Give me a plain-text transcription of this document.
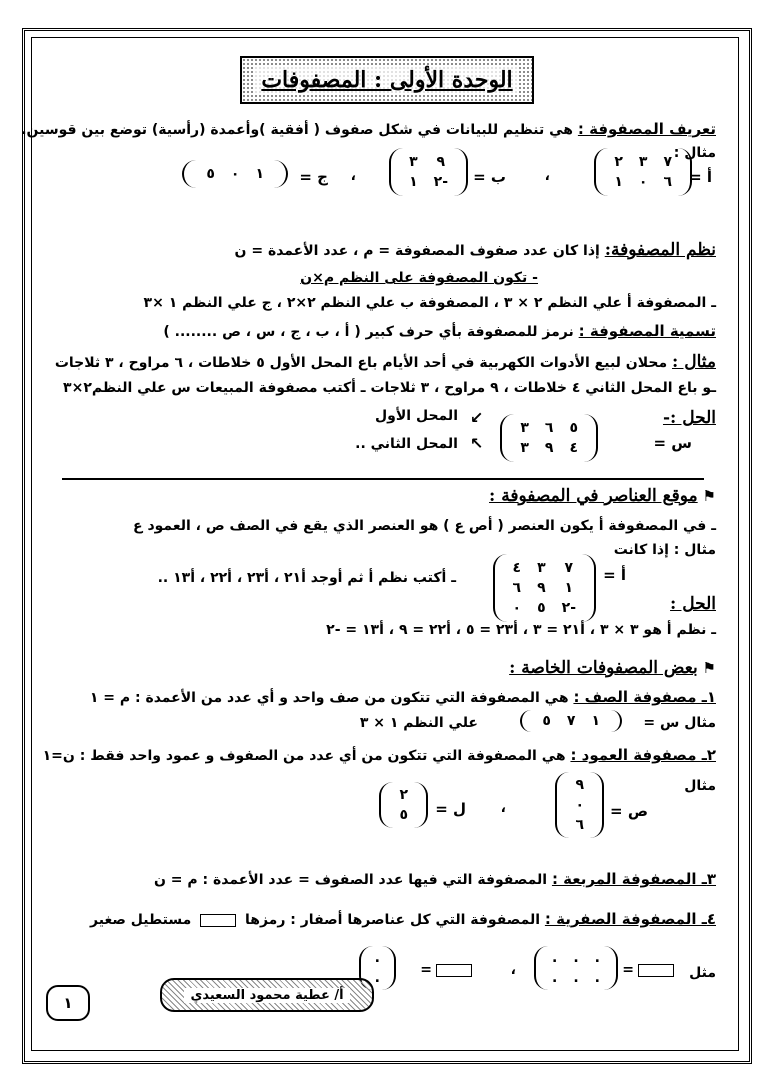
الوحدة الأولى : المصفوفات
تعريف المصفوفة : هي تنظيم للبيانات في شكل صفوف ( أفقية )وأعمدة (رأسية) توضع بين قوسين.
مثال :
أ =
٧
٣
٢
٦
٠
١
،
ب =
٩
٣
-٢
١
،
ج =
١
٠
٥
نظم المصفوفة: إذا كان عدد صفوف المصفوفة = م ، عدد الأعمدة = ن
- تكون المصفوفة على النظم م×ن
ـ المصفوفة أ علي النظم ٢ × ٣ ، المصفوفة ب علي النظم ٢×٢ ، ج علي النظم ١ ×٣
تسمية المصفوفة : نرمز للمصفوفة بأي حرف كبير ( أ ، ب ، ج ، س ، ص ........ )
مثال : محلان لبيع الأدوات الكهربية في أحد الأيام باع المحل الأول ٥ خلاطات ، ٦ مراوح ، ٣ ثلاجات
ـو باع المحل الثاني ٤ خلاطات ، ٩ مراوح ، ٣ ثلاجات ـ أكتب مصفوفة المبيعات س علي النظم٢×٣
الحل :-
س =
٥
٦
٣
٤
٩
٣
↙
↖
المحل الأول
المحل الثاني ..
⚑ موقع العناصر في المصفوفة :
ـ في المصفوفة أ يكون العنصر ( أص ع ) هو العنصر الذي يقع في الصف ص ، العمود ع
مثال : إذا كانت
أ =
٧
٣
٤
١
٩
٦
-٢
٥
٠
ـ أكتب نظم أ ثم أوجد أ٢١ ، أ٢٣ ، أ٢٢ ، أ١٣ ..
الحل :
ـ نظم أ هو ٣ × ٣ ، أ٢١ = ٣ ، أ٢٣ = ٥ ، أ٢٢ = ٩ ، أ١٣ = -٢
⚑ بعض المصفوفات الخاصة :
١ـ مصفوفة الصف : هي المصفوفة التي تتكون من صف واحد و أي عدد من الأعمدة : م = ١
مثال س =
١
٧
٥
علي النظم ١ × ٣
٢ـ مصفوفة العمود : هي المصفوفة التي تتكون من أي عدد من الصفوف و عمود واحد فقط : ن=١
مثال
ص =
٩
٠
٦
،
ل =
٢
٥
٣ـ المصفوفة المربعة : المصفوفة التي فيها عدد الصفوف = عدد الأعمدة : م = ن
٤ـ المصفوفة الصفرية : المصفوفة التي كل عناصرها أصفار : رمزها  مستطيل صغير
مثل
=
.
.
.
.
.
.
،
=
.
.
أ/ عطية محمود السعيدي
١
